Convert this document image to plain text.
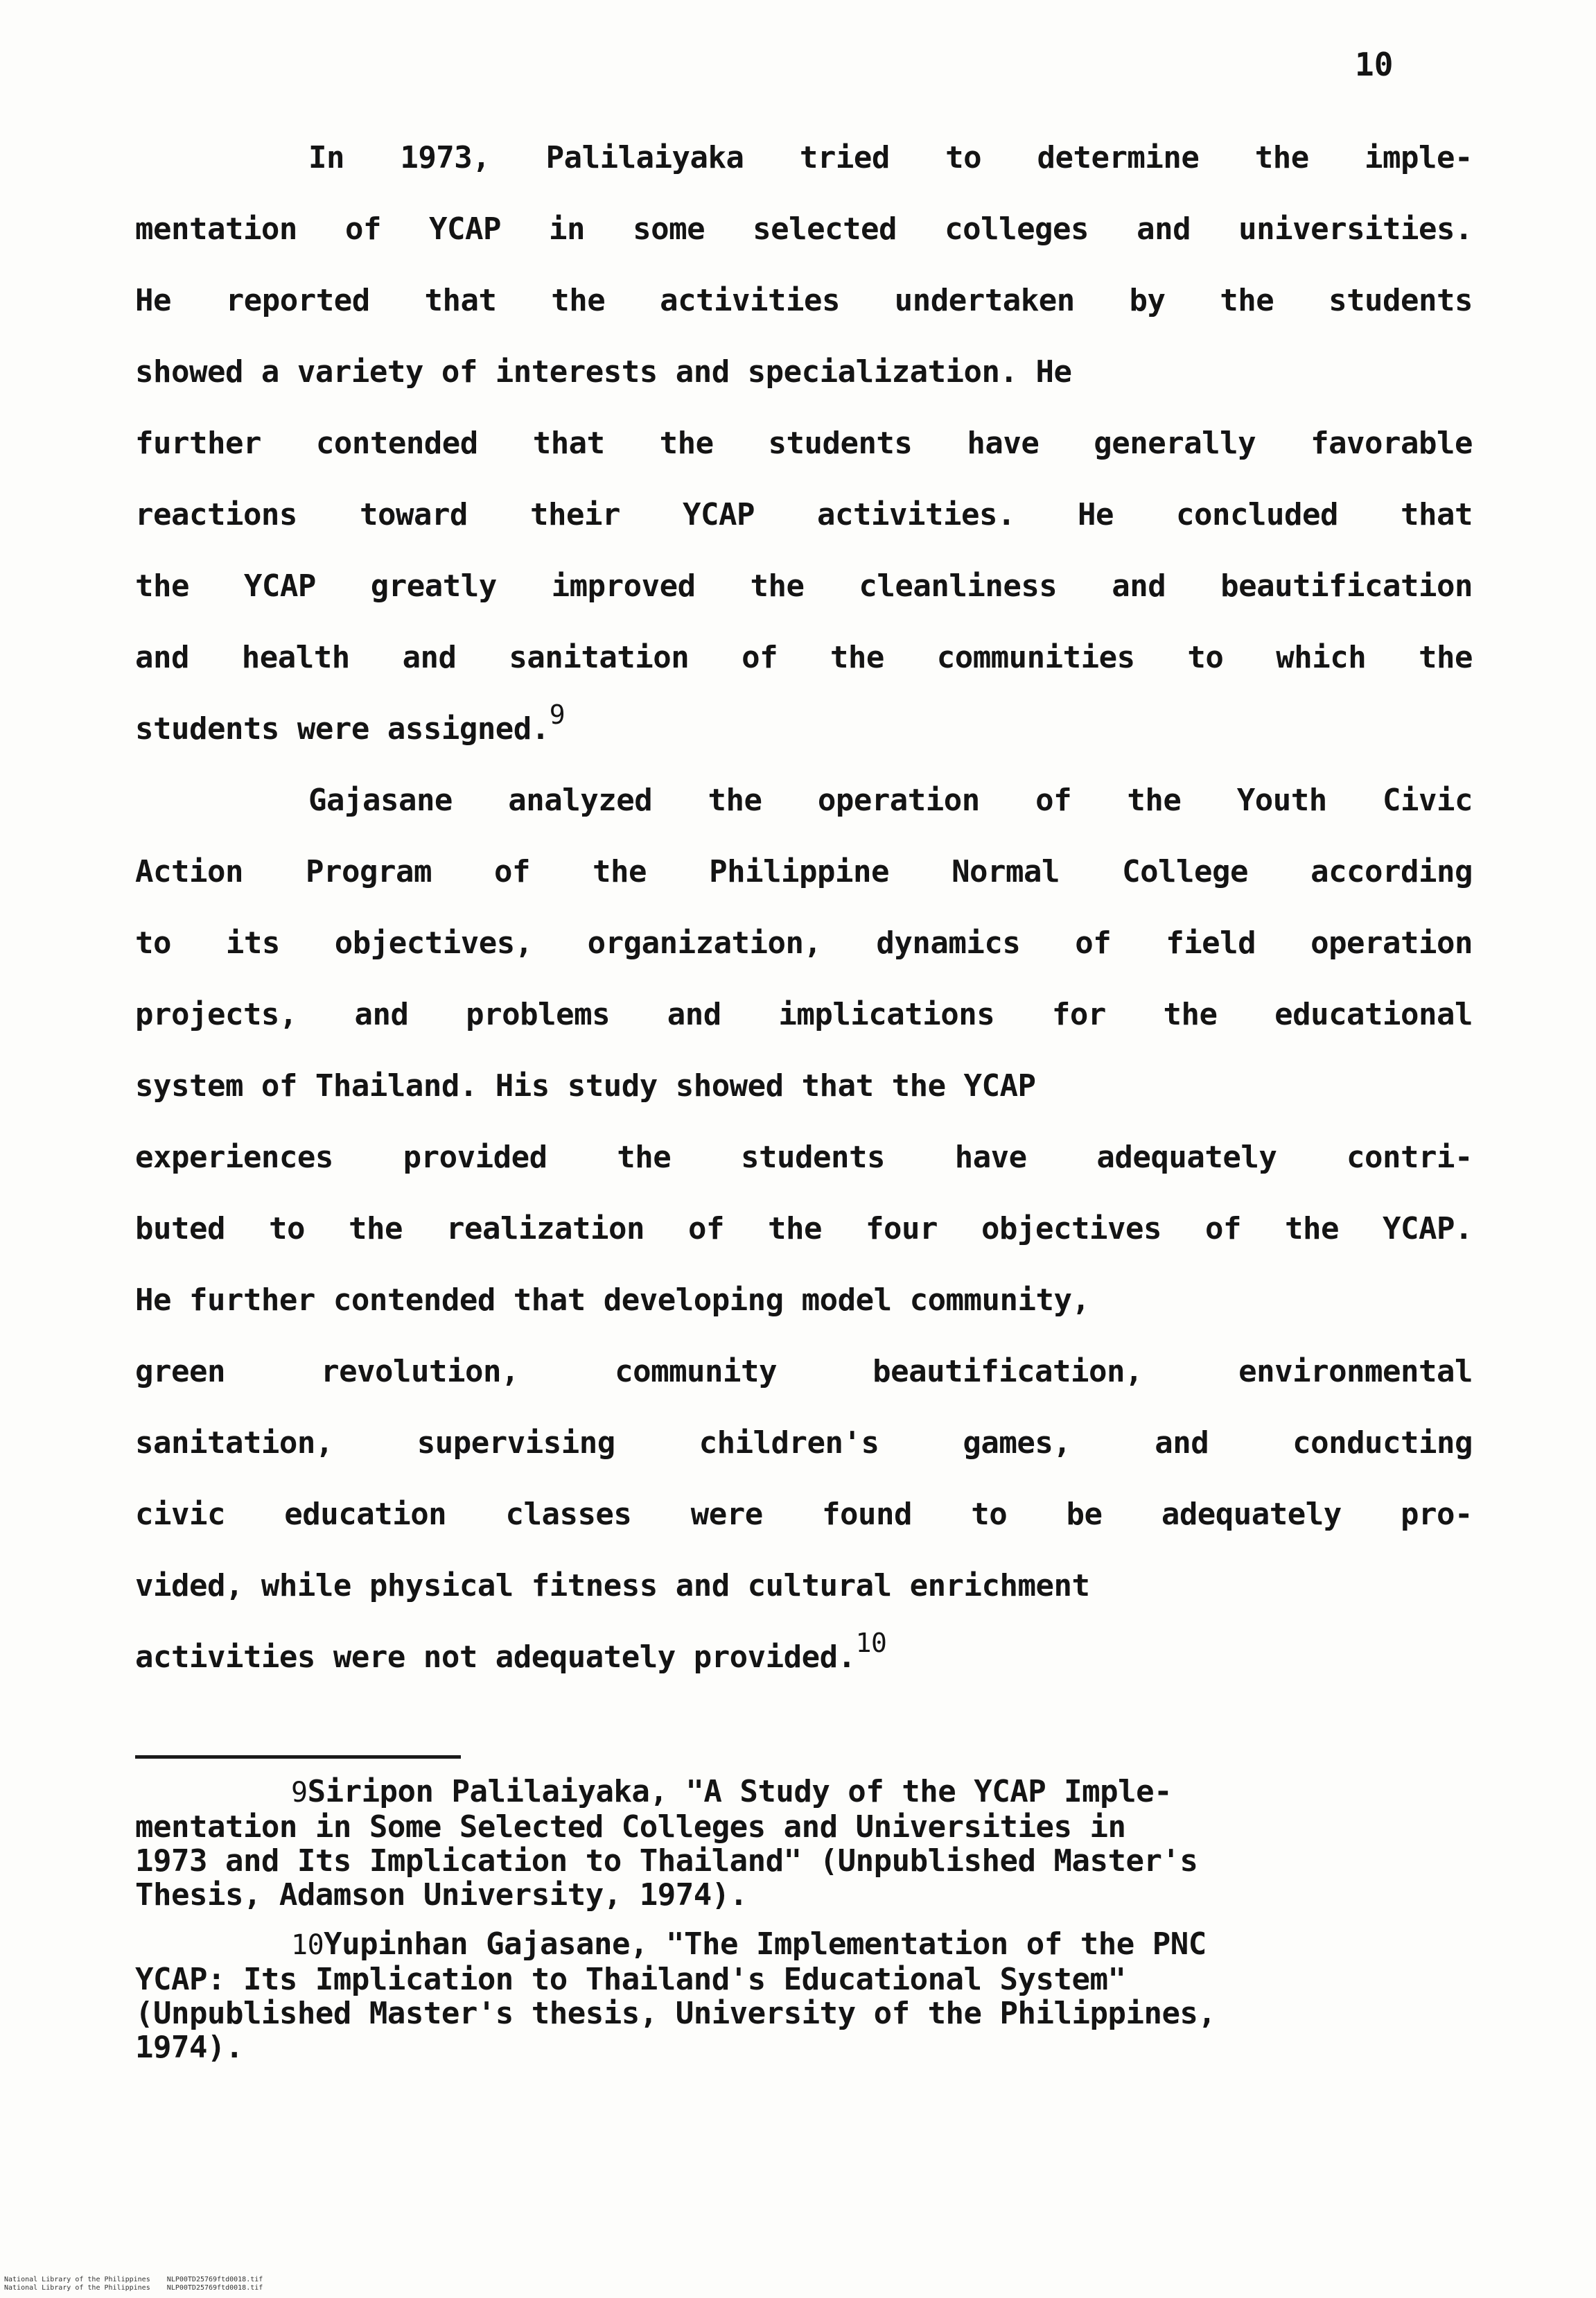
10

In 1973, Palilaiyaka tried to determine the imple-
mentation of YCAP in some selected colleges and universities.
He reported that the activities undertaken by the students
showed a variety of interests and specialization. He
further contended that the students have generally favorable
reactions toward their YCAP activities. He concluded that
the YCAP greatly improved the cleanliness and beautification
and health and sanitation of the communities to which the
students were assigned.$^9$

Gajasane analyzed the operation of the Youth Civic
Action Program of the Philippine Normal College according
to its objectives, organization, dynamics of field operation
projects, and problems and implications for the educational
system of Thailand. His study showed that the YCAP
experiences provided the students have adequately contri-
buted to the realization of the four objectives of the YCAP.
He further contended that developing model community,
green revolution, community beautification, environmental
sanitation, supervising children's games, and conducting
civic education classes were found to be adequately pro-
vided, while physical fitness and cultural enrichment
activities were not adequately provided.$^{10}$

9Siripon Palilaiyaka, "A Study of the YCAP Imple-
mentation in Some Selected Colleges and Universities in
1973 and Its Implication to Thailand" (Unpublished Master's
Thesis, Adamson University, 1974).

10Yupinhan Gajasane, "The Implementation of the PNC
YCAP: Its Implication to Thailand's Educational System"
(Unpublished Master's thesis, University of the Philippines,
1974).

National Library of the Philippines    NLP00TD25769ftd0018.tif
National Library of the Philippines    NLP00TD25769ftd0018.tif
